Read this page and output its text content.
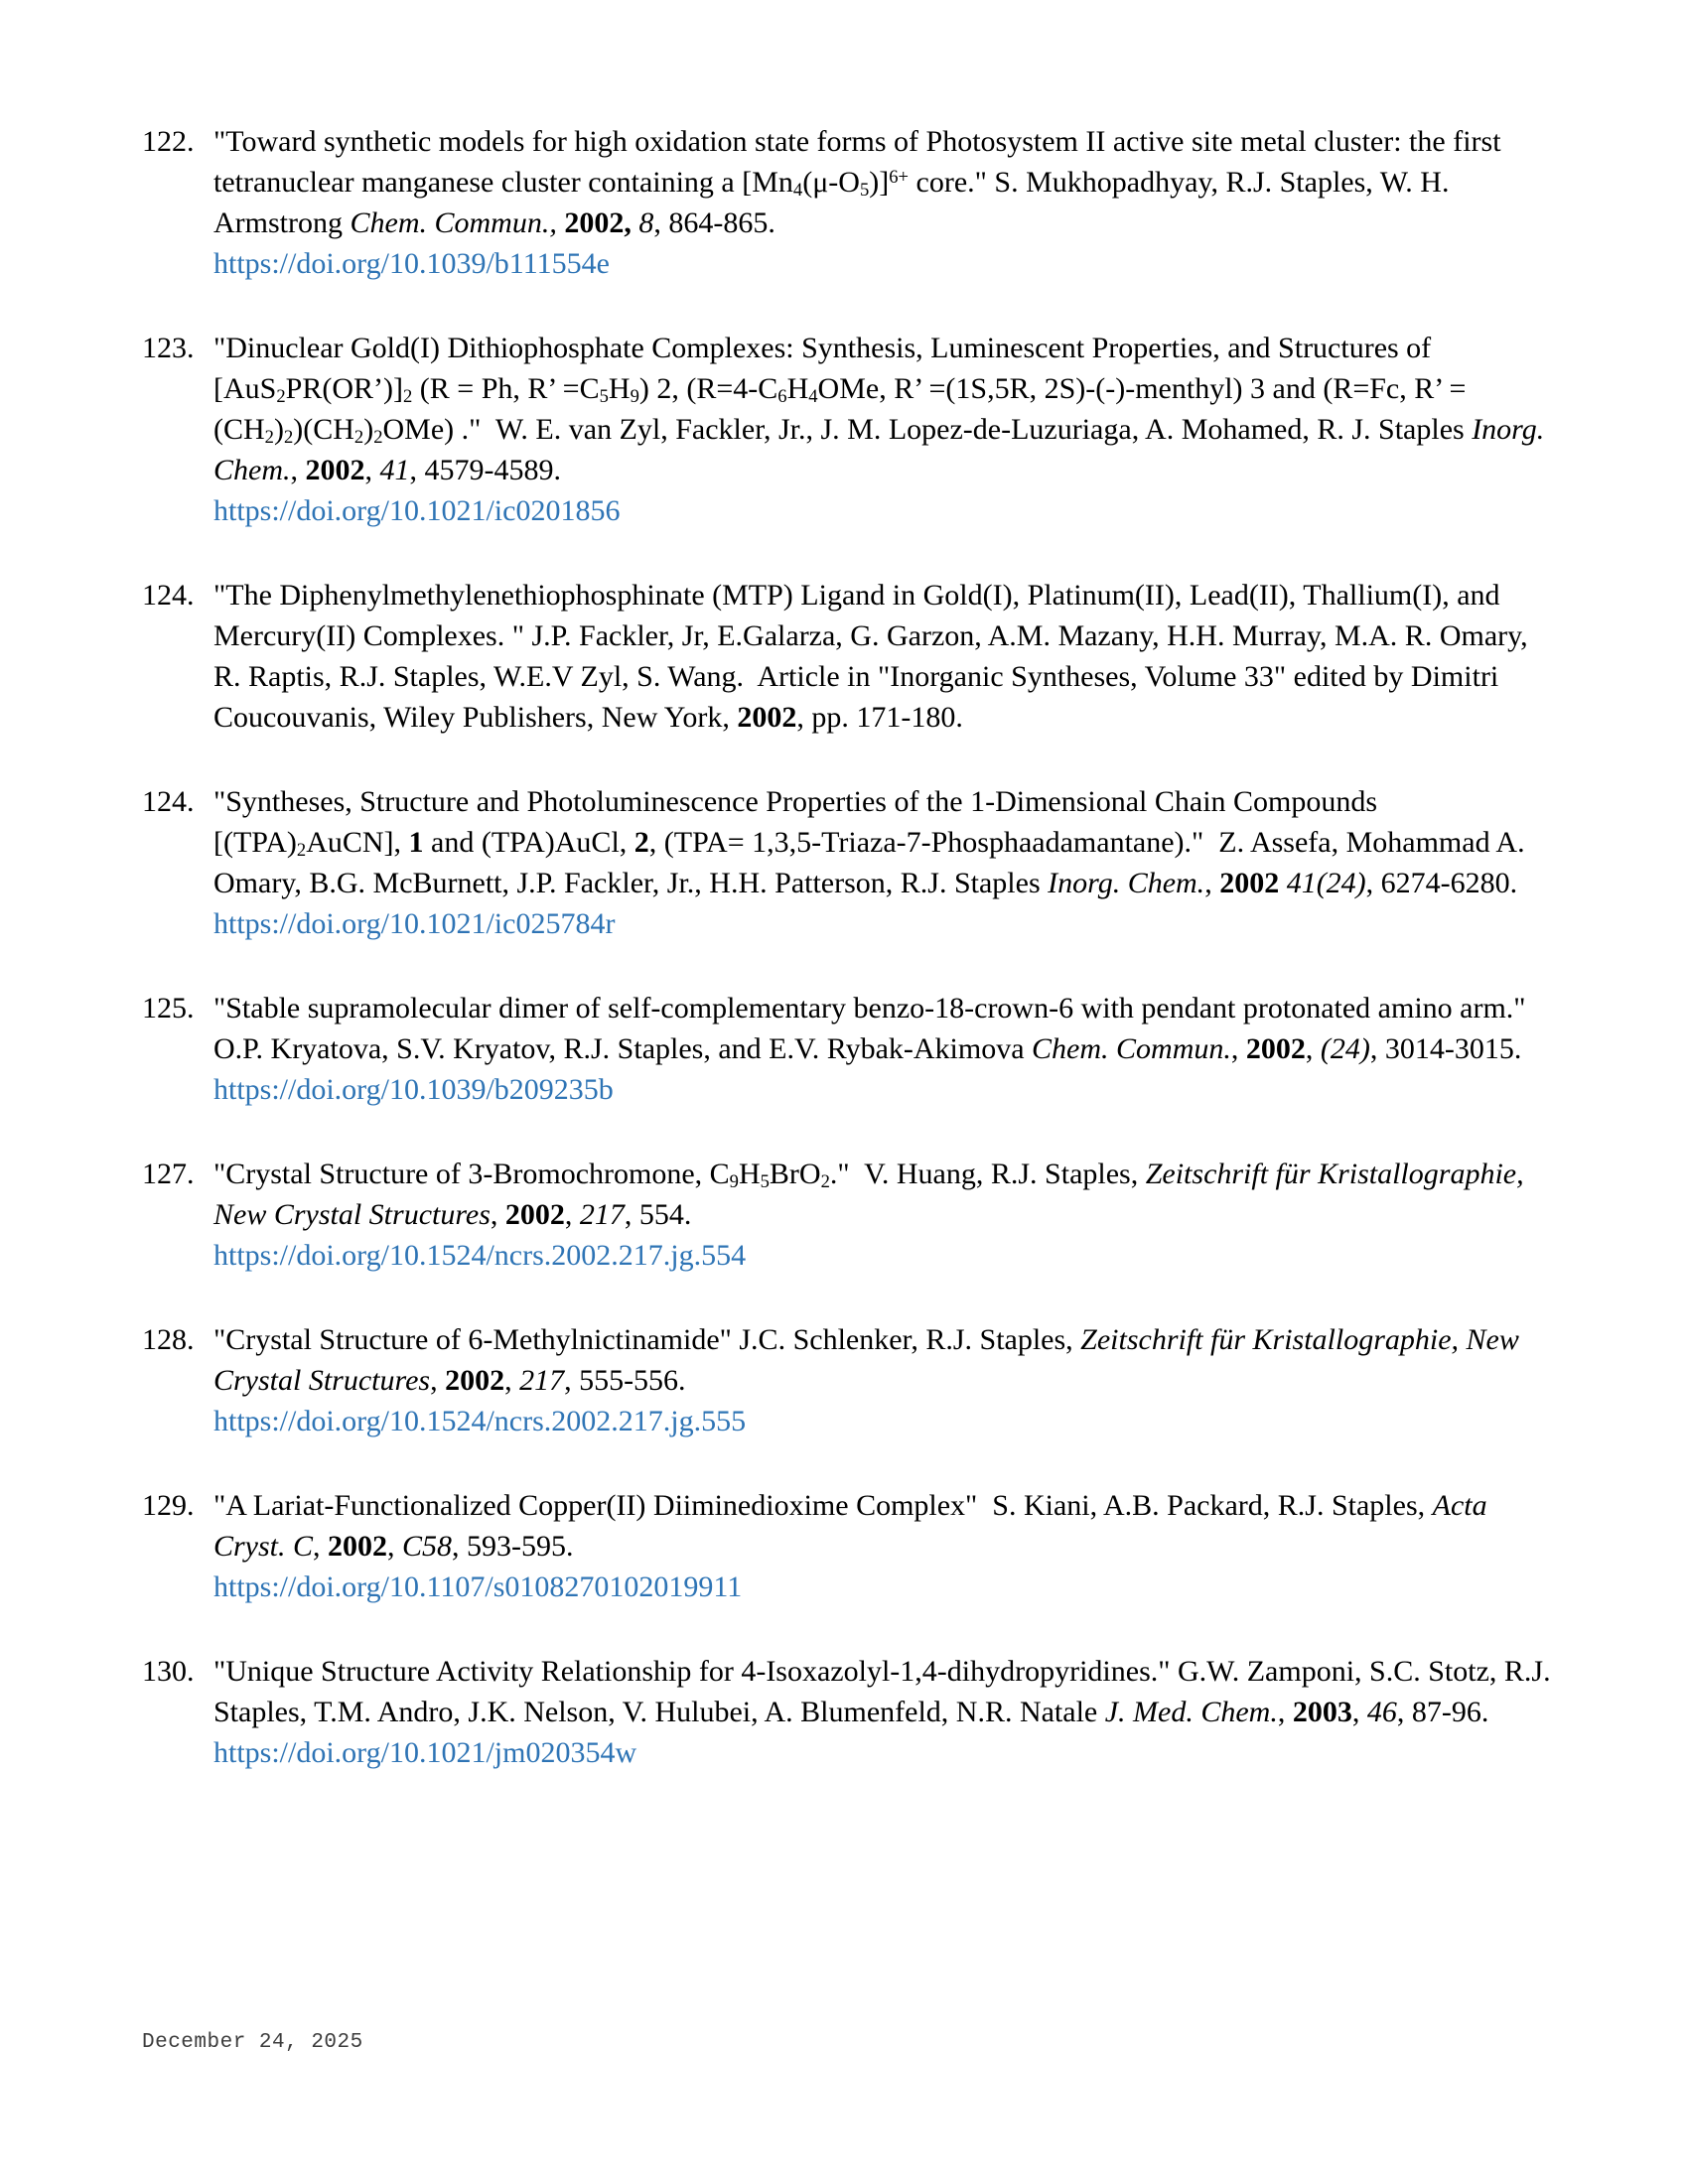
122. "Toward synthetic models for high oxidation state forms of Photosystem II active site metal cluster: the first tetranuclear manganese cluster containing a $[Mn_4(\mu-O_5)]^{6+}$ core." S. Mukhopadhyay, R.J. Staples, W. H. Armstrong Chem. Commun., 2002, 8, 864-865.
https://doi.org/10.1039/b111554e
123. "Dinuclear Gold(I) Dithiophosphate Complexes: Synthesis, Luminescent Properties, and Structures of $[AuS_2PR(OR’)]_2$ (R = Ph, R’ $=C_5H_9$) 2, ($R=4-C_6H_4OMe$, R’ =(1S,5R, 2S)-(-)-menthyl) 3 and (R=Fc, R’ = $(CH_2)_2)(CH_2)_2OMe$) ."  W. E. van Zyl, Fackler, Jr., J. M. Lopez-de-Luzuriaga, A. Mohamed, R. J. Staples Inorg. Chem., 2002, 41, 4579-4589.
https://doi.org/10.1021/ic0201856
124. "The Diphenylmethylenethiophosphinate (MTP) Ligand in Gold(I), Platinum(II), Lead(II), Thallium(I), and Mercury(II) Complexes. " J.P. Fackler, Jr, E.Galarza, G. Garzon, A.M. Mazany, H.H. Murray, M.A. R. Omary, R. Raptis, R.J. Staples, W.E.V Zyl, S. Wang.  Article in "Inorganic Syntheses, Volume 33" edited by Dimitri Coucouvanis, Wiley Publishers, New York, 2002, pp. 171-180.
124. "Syntheses, Structure and Photoluminescence Properties of the 1-Dimensional Chain Compounds $[(TPA)_2AuCN]$, 1 and (TPA)AuCl, 2, (TPA= 1,3,5-Triaza-7-Phosphaadamantane)."  Z. Assefa, Mohammad A. Omary, B.G. McBurnett, J.P. Fackler, Jr., H.H. Patterson, R.J. Staples Inorg. Chem., 2002 41(24), 6274-6280.
https://doi.org/10.1021/ic025784r
125. "Stable supramolecular dimer of self-complementary benzo-18-crown-6 with pendant protonated amino arm." O.P. Kryatova, S.V. Kryatov, R.J. Staples, and E.V. Rybak-Akimova Chem. Commun., 2002, (24), 3014-3015. https://doi.org/10.1039/b209235b
127. "Crystal Structure of 3-Bromochromone, $C_9H_5BrO_2$."  V. Huang, R.J. Staples, Zeitschrift für Kristallographie, New Crystal Structures, 2002, 217, 554.
https://doi.org/10.1524/ncrs.2002.217.jg.554
128. "Crystal Structure of 6-Methylnictinamide" J.C. Schlenker, R.J. Staples, Zeitschrift für Kristallographie, New Crystal Structures, 2002, 217, 555-556.
https://doi.org/10.1524/ncrs.2002.217.jg.555
129. "A Lariat-Functionalized Copper(II) Diiminedioxime Complex"  S. Kiani, A.B. Packard, R.J. Staples, Acta Cryst. C, 2002, C58, 593-595.
https://doi.org/10.1107/s0108270102019911
130. "Unique Structure Activity Relationship for 4-Isoxazolyl-1,4-dihydropyridines." G.W. Zamponi, S.C. Stotz, R.J. Staples, T.M. Andro, J.K. Nelson, V. Hulubei, A. Blumenfeld, N.R. Natale J. Med. Chem., 2003, 46, 87-96. https://doi.org/10.1021/jm020354w
December 24, 2025
